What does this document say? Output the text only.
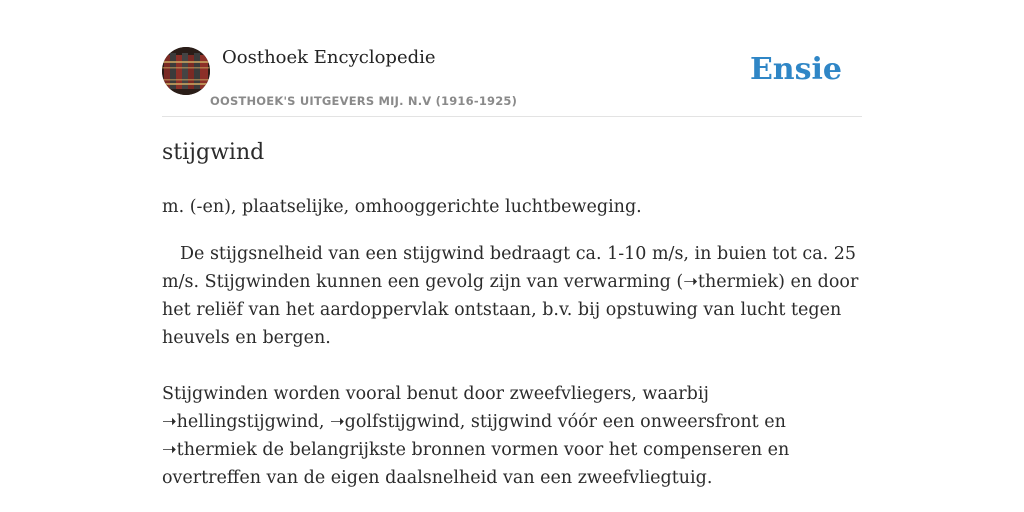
Oosthoek Encyclopedie
OOSTHOEK'S UITGEVERS MIJ. N.V (1916-1925)
Ensie
stijgwind

m. (-en), plaatselijke, omhooggerichte luchtbeweging.

De stijgsnelheid van een stijgwind bedraagt ca. 1-10 m/s, in buien tot ca. 25 m/s. Stijgwinden kunnen een gevolg zijn van verwarming (➝thermiek) en door het reliëf van het aardoppervlak ontstaan, b.v. bij opstuwing van lucht tegen heuvels en bergen.

Stijgwinden worden vooral benut door zweefvliegers, waarbij ➝hellingstijgwind, ➝golfstijgwind, stijgwind vóór een onweersfront en ➝thermiek de belangrijkste bronnen vormen voor het compenseren en overtreffen van de eigen daalsnelheid van een zweefvliegtuig.
